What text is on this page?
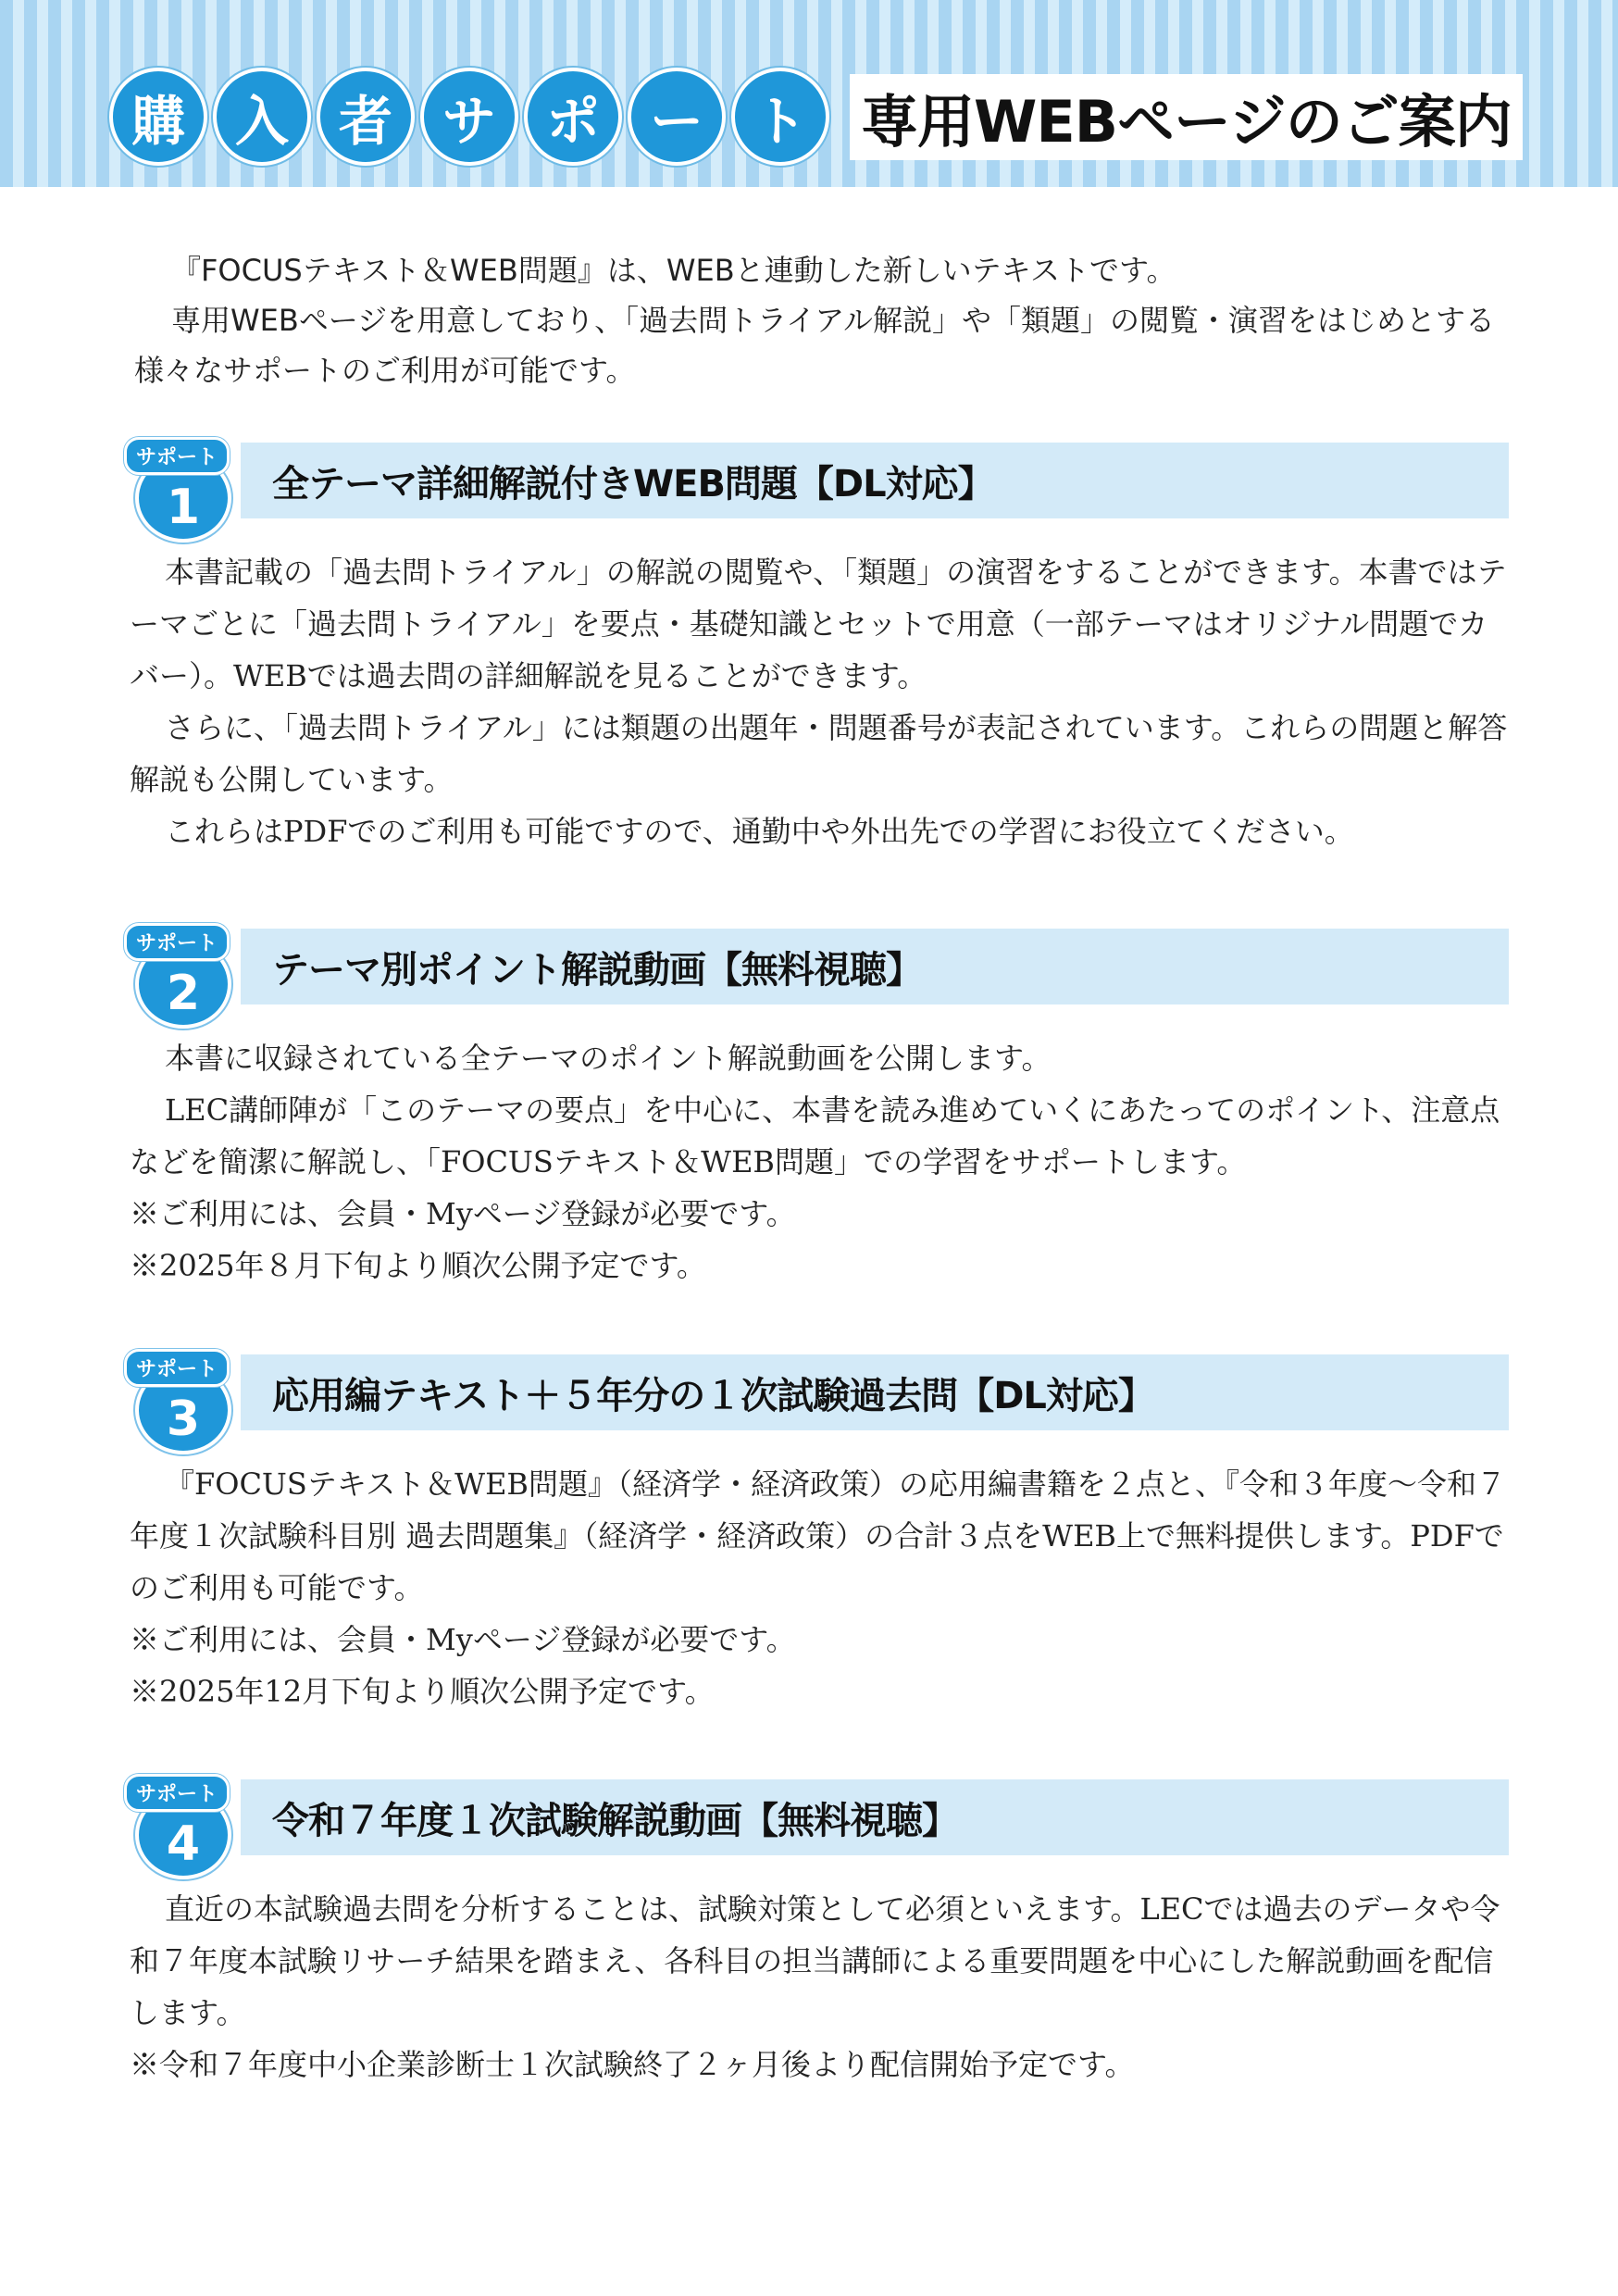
購 入 者 サ ポ ー ト 専用WEBページのご案内

『FOCUSテキスト＆WEB問題』は、WEBと連動した新しいテキストです。

専用WEBページを用意しており、「過去問トライアル解説」や「類題」の閲覧・演習をはじめとする様々なサポートのご利用が可能です。

全テーマ詳細解説付きWEB問題【DL対応】
1
サポート

本書記載の「過去問トライアル」の解説の閲覧や、「類題」の演習をすることができます。本書ではテーマごとに「過去問トライアル」を要点・基礎知識とセットで用意（一部テーマはオリジナル問題でカバー）。WEBでは過去問の詳細解説を見ることができます。

さらに、「過去問トライアル」には類題の出題年・問題番号が表記されています。これらの問題と解答解説も公開しています。

これらはPDFでのご利用も可能ですので、通勤中や外出先での学習にお役立てください。

テーマ別ポイント解説動画【無料視聴】
2
サポート

本書に収録されている全テーマのポイント解説動画を公開します。

LEC講師陣が「このテーマの要点」を中心に、本書を読み進めていくにあたってのポイント、注意点などを簡潔に解説し、「FOCUSテキスト＆WEB問題」での学習をサポートします。

※ご利用には、会員・Myページ登録が必要です。

※2025年８月下旬より順次公開予定です。

応用編テキスト＋５年分の１次試験過去問【DL対応】
3
サポート

『FOCUSテキスト＆WEB問題』（経済学・経済政策）の応用編書籍を２点と、『令和３年度～令和７年度１次試験科目別 過去問題集』（経済学・経済政策）の合計３点をWEB上で無料提供します。PDFでのご利用も可能です。

※ご利用には、会員・Myページ登録が必要です。

※2025年12月下旬より順次公開予定です。

令和７年度１次試験解説動画【無料視聴】
4
サポート

直近の本試験過去問を分析することは、試験対策として必須といえます。LECでは過去のデータや令和７年度本試験リサーチ結果を踏まえ、各科目の担当講師による重要問題を中心にした解説動画を配信します。

※令和７年度中小企業診断士１次試験終了２ヶ月後より配信開始予定です。
